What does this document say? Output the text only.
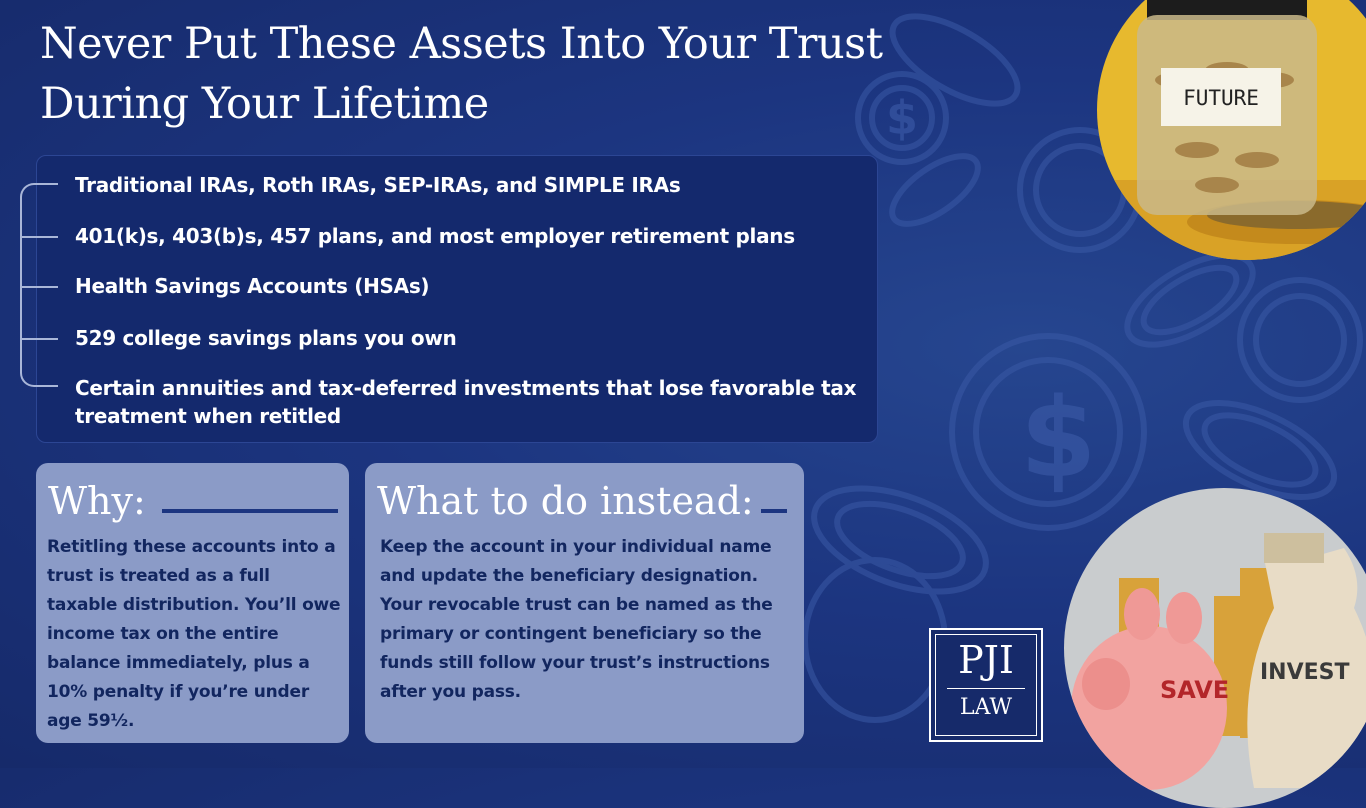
$
$
Never Put These Assets Into Your Trust During Your Lifetime
Traditional IRAs, Roth IRAs, SEP-IRAs, and SIMPLE IRAs
401(k)s, 403(b)s, 457 plans, and most employer retirement plans
Health Savings Accounts (HSAs)
529 college savings plans you own
Certain annuities and tax-deferred investments that lose favorable tax treatment when retitled
Why:

Retitling these accounts into a trust is treated as a full taxable distribution. You’ll owe income tax on the entire balance immediately, plus a 10% penalty if you’re under age 59½.

What to do instead:

Keep the account in your individual name and update the beneficiary designation. Your revocable trust can be named as the primary or contingent beneficiary so the funds still follow your trust’s instructions after you pass.

FUTURE
SAVE
INVEST
PJI
LAW
